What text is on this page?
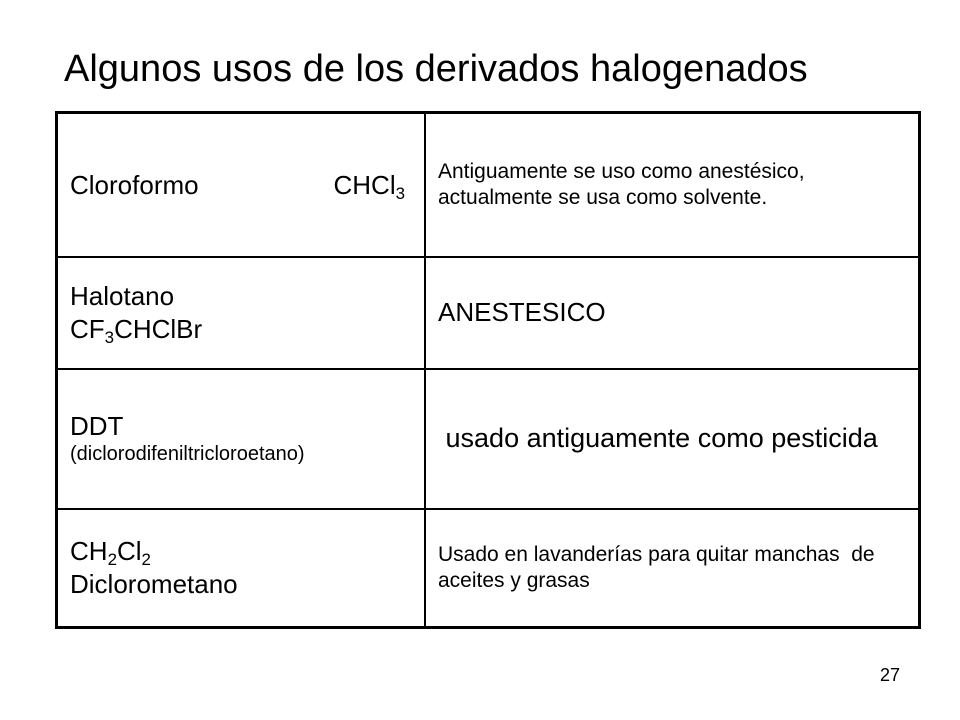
Algunos usos de los derivados halogenados
Cloroformo CHCl$_3$	Antiguamente se uso como anestésico, actualmente se usa como solvente.

Halotano
$CF_3CHClBr$	ANESTESICO

DDT
(diclorodifeniltricloroetano)	usado antiguamente como pesticida

$CH_2Cl_2$
Diclorometano	Usado en lavanderías para quitar manchas  de aceites y grasas
27
